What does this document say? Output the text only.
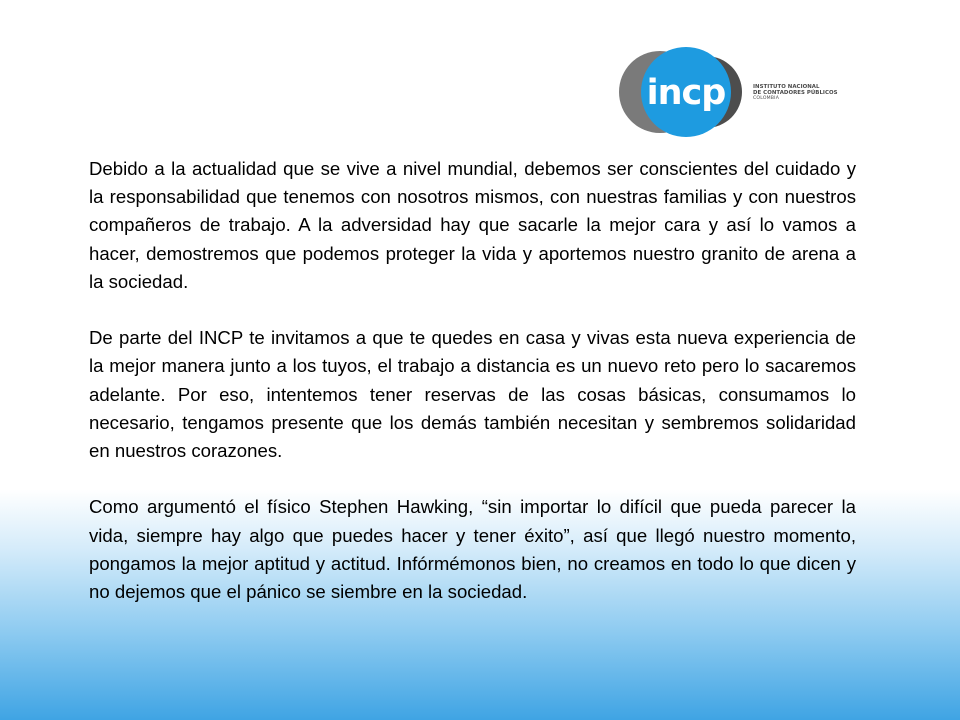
incp	INSTITUTO NACIONAL
DE CONTADORES PÚBLICOS
COLOMBIA

Debido a la actualidad que se vive a nivel mundial, debemos ser conscientes del cuidado y la responsabilidad que tenemos con nosotros mismos, con nuestras familias y con nuestros compañeros de trabajo. A la adversidad hay que sacarle la mejor cara y así lo vamos a hacer, demostremos que podemos proteger la vida y aportemos nuestro granito de arena a la sociedad.

De parte del INCP te invitamos a que te quedes en casa y vivas esta nueva experiencia de la mejor manera junto a los tuyos, el trabajo a distancia es un nuevo reto pero lo sacaremos adelante. Por eso, intentemos tener reservas de las cosas básicas, consumamos lo necesario, tengamos presente que los demás también necesitan y sembremos solidaridad en nuestros corazones.

Como argumentó el físico Stephen Hawking, “sin importar lo difícil que pueda parecer la vida, siempre hay algo que puedes hacer y tener éxito”, así que llegó nuestro momento, pongamos la mejor aptitud y actitud. Infórmémonos bien, no creamos en todo lo que dicen y no dejemos que el pánico se siembre en la sociedad.
